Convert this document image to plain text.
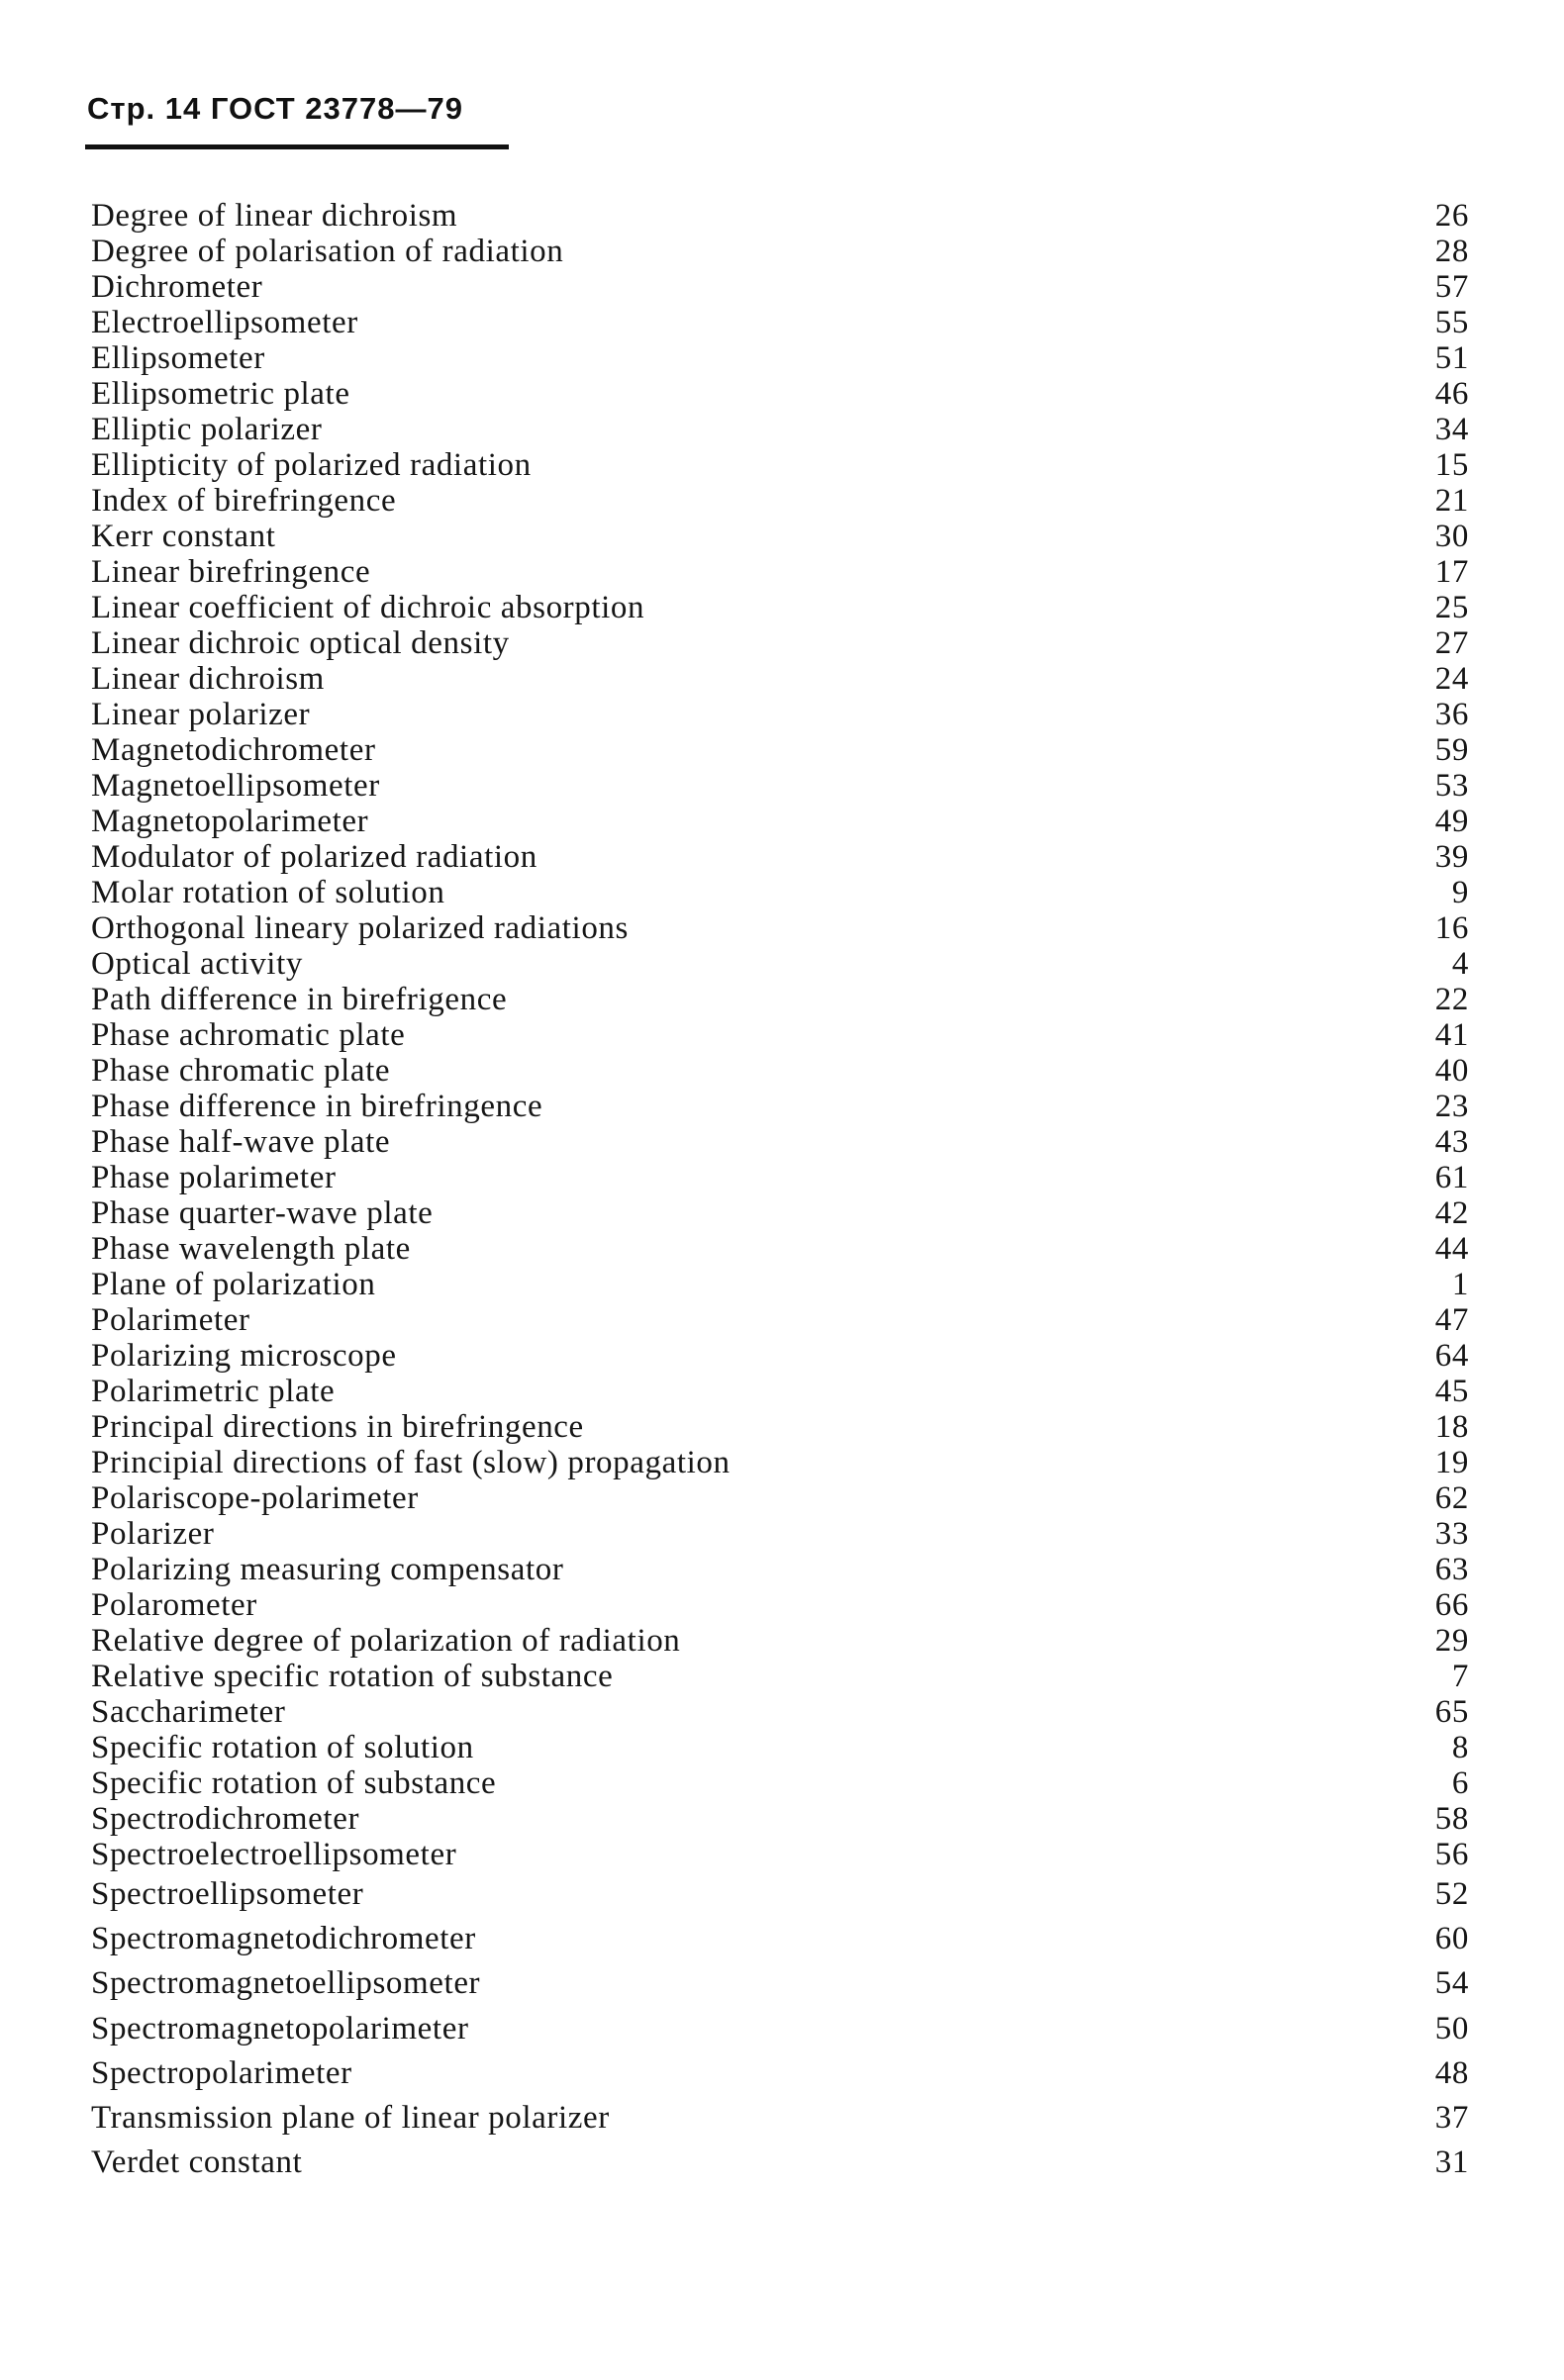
Стр. 14 ГОСТ 23778—79
Degree of linear dichroism	26
Degree of polarisation of radiation	28
Dichrometer	57
Electroellipsometer	55
Ellipsometer	51
Ellipsometric plate	46
Elliptic polarizer	34
Ellipticity of polarized radiation	15
Index of birefringence	21
Kerr constant	30
Linear birefringence	17
Linear coefficient of dichroic absorption	25
Linear dichroic optical density	27
Linear dichroism	24
Linear polarizer	36
Magnetodichrometer	59
Magnetoellipsometer	53
Magnetopolarimeter	49
Modulator of polarized radiation	39
Molar rotation of solution	9
Orthogonal lineary polarized radiations	16
Optical activity	4
Path difference in birefrigence	22
Phase achromatic plate	41
Phase chromatic plate	40
Phase difference in birefringence	23
Phase half-wave plate	43
Phase polarimeter	61
Phase quarter-wave plate	42
Phase wavelength plate	44
Plane of polarization	1
Polarimeter	47
Polarizing microscope	64
Polarimetric plate	45
Principal directions in birefringence	18
Principial directions of fast (slow) propagation	19
Polariscope-polarimeter	62
Polarizer	33
Polarizing measuring compensator	63
Polarometer	66
Relative degree of polarization of radiation	29
Relative specific rotation of substance	7
Saccharimeter	65
Specific rotation of solution	8
Specific rotation of substance	6
Spectrodichrometer	58
Spectroelectroellipsometer	56
Spectroellipsometer	52
Spectromagnetodichrometer	60
Spectromagnetoellipsometer	54
Spectromagnetopolarimeter	50
Spectropolarimeter	48
Transmission plane of linear polarizer	37
Verdet constant	31
